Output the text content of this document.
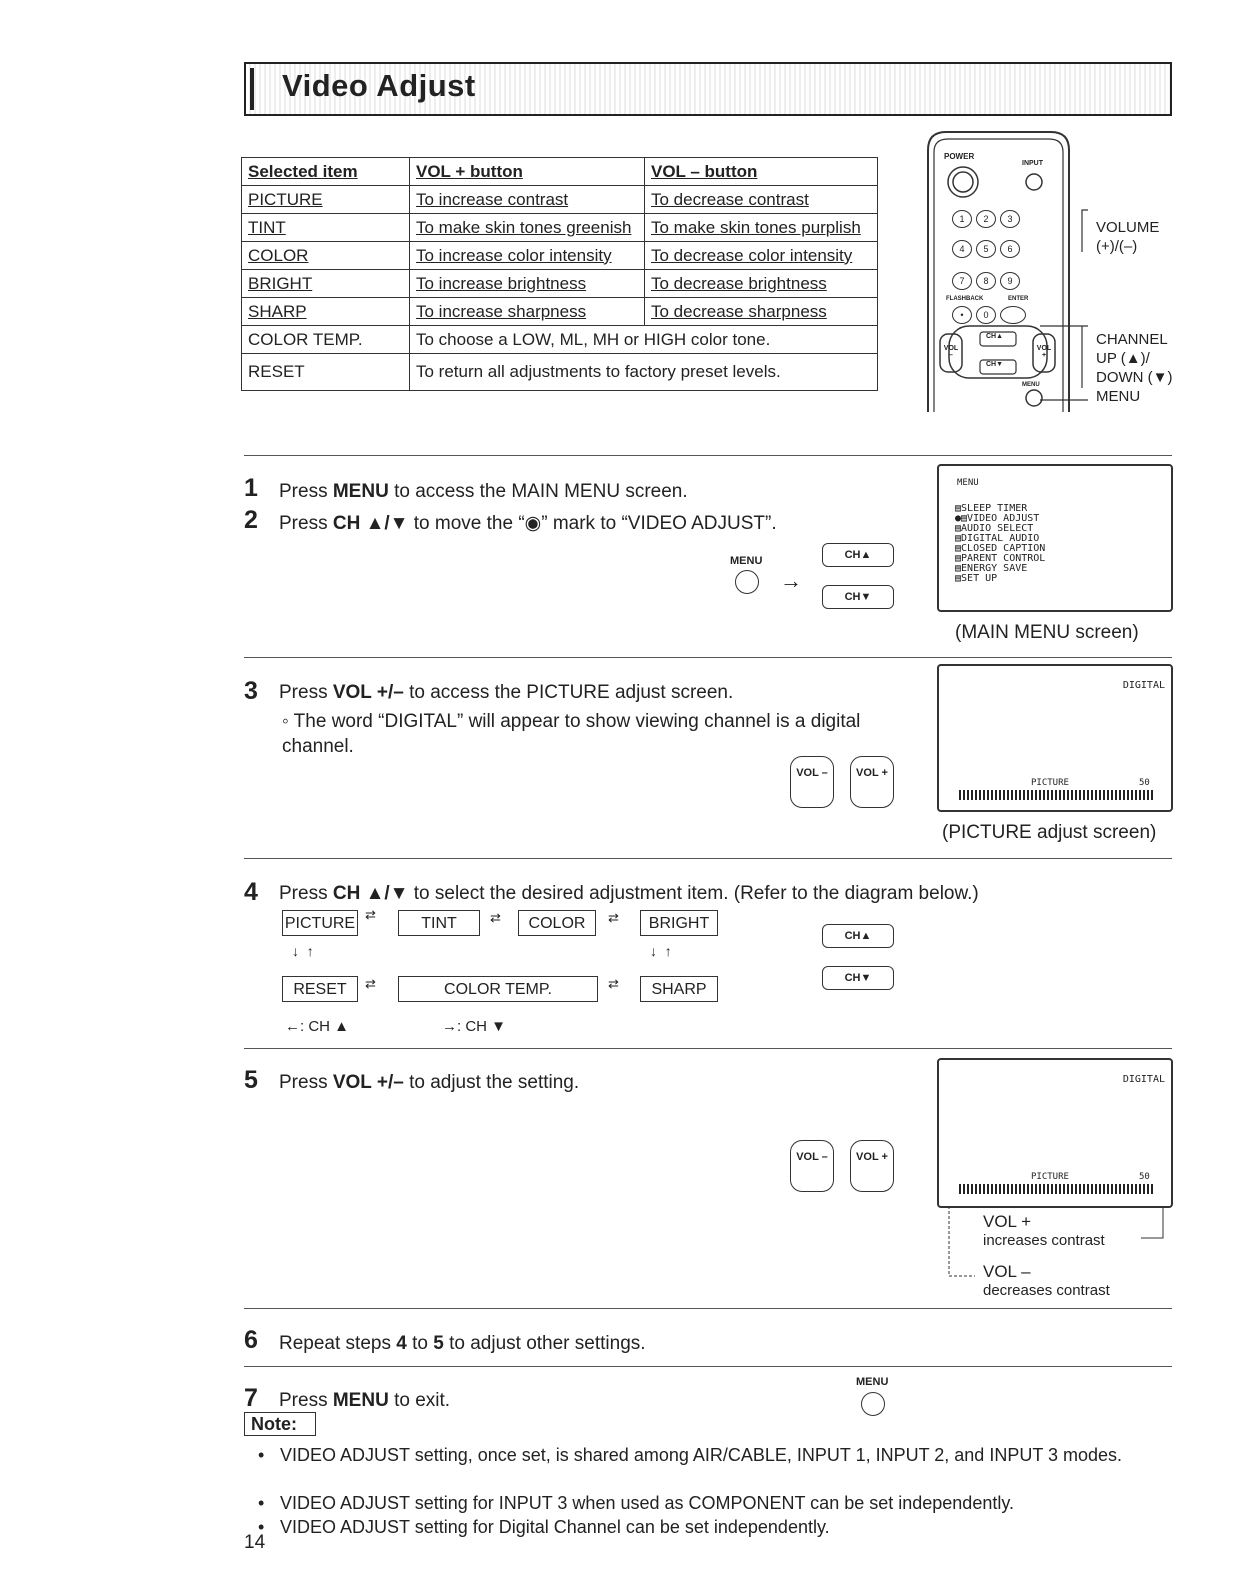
Video Adjust
Selected item	VOL + button	VOL – button
PICTURE	To increase contrast	To decrease contrast
TINT	To make skin tones greenish	To make skin tones purplish
COLOR	To increase color intensity	To decrease color intensity
BRIGHT	To increase brightness	To decrease brightness
SHARP	To increase sharpness	To decrease sharpness
COLOR TEMP.	To choose a LOW, ML, MH or HIGH color tone.	
RESET	To return all adjustments to factory preset levels.	
POWER
INPUT
1	2	3
4	5	6
7	8	9
FLASHBACK	ENTER
•	0
CH▲
CH▼
VOL –
VOL +
MENU
VOLUME
(+)/(–)
CHANNEL
UP (▲)/
DOWN (▼)
MENU
1 Press MENU to access the MAIN MENU screen.
2 Press CH ▲/▼ to move the “◉” mark to “VIDEO ADJUST”.
MENU
→
CH▲
CH▼
MENU
▤SLEEP TIMER
●▤VIDEO ADJUST
▤AUDIO SELECT
▤DIGITAL AUDIO
▤CLOSED CAPTION
▤PARENT CONTROL
▤ENERGY SAVE
▤SET UP
(MAIN MENU screen)
3 Press VOL +/– to access the PICTURE adjust screen.
◦ The word “DIGITAL” will appear to show viewing channel is a digital channel.
VOL –	VOL +
DIGITAL
PICTURE	50
(PICTURE adjust screen)
4 Press CH ▲/▼ to select the desired adjustment item. (Refer to the diagram below.)
PICTURE
⇄
TINT	⇄	COLOR	⇄	BRIGHT
↓  ↑	↓  ↑
RESET	⇄	COLOR TEMP.	⇄	SHARP
←: CH ▲	→: CH ▼
CH▲
CH▼
5 Press VOL +/– to adjust the setting.
VOL –	VOL +
DIGITAL
PICTURE	50
VOL +
increases contrast
VOL –
decreases contrast
6 Repeat steps 4 to 5 to adjust other settings.
7 Press MENU to exit.
MENU
Note:
• VIDEO ADJUST setting, once set, is shared among AIR/CABLE, INPUT 1, INPUT 2, and INPUT 3 modes.
• VIDEO ADJUST setting for INPUT 3 when used as COMPONENT can be set independently.
• VIDEO ADJUST setting for Digital Channel can be set independently.
14
